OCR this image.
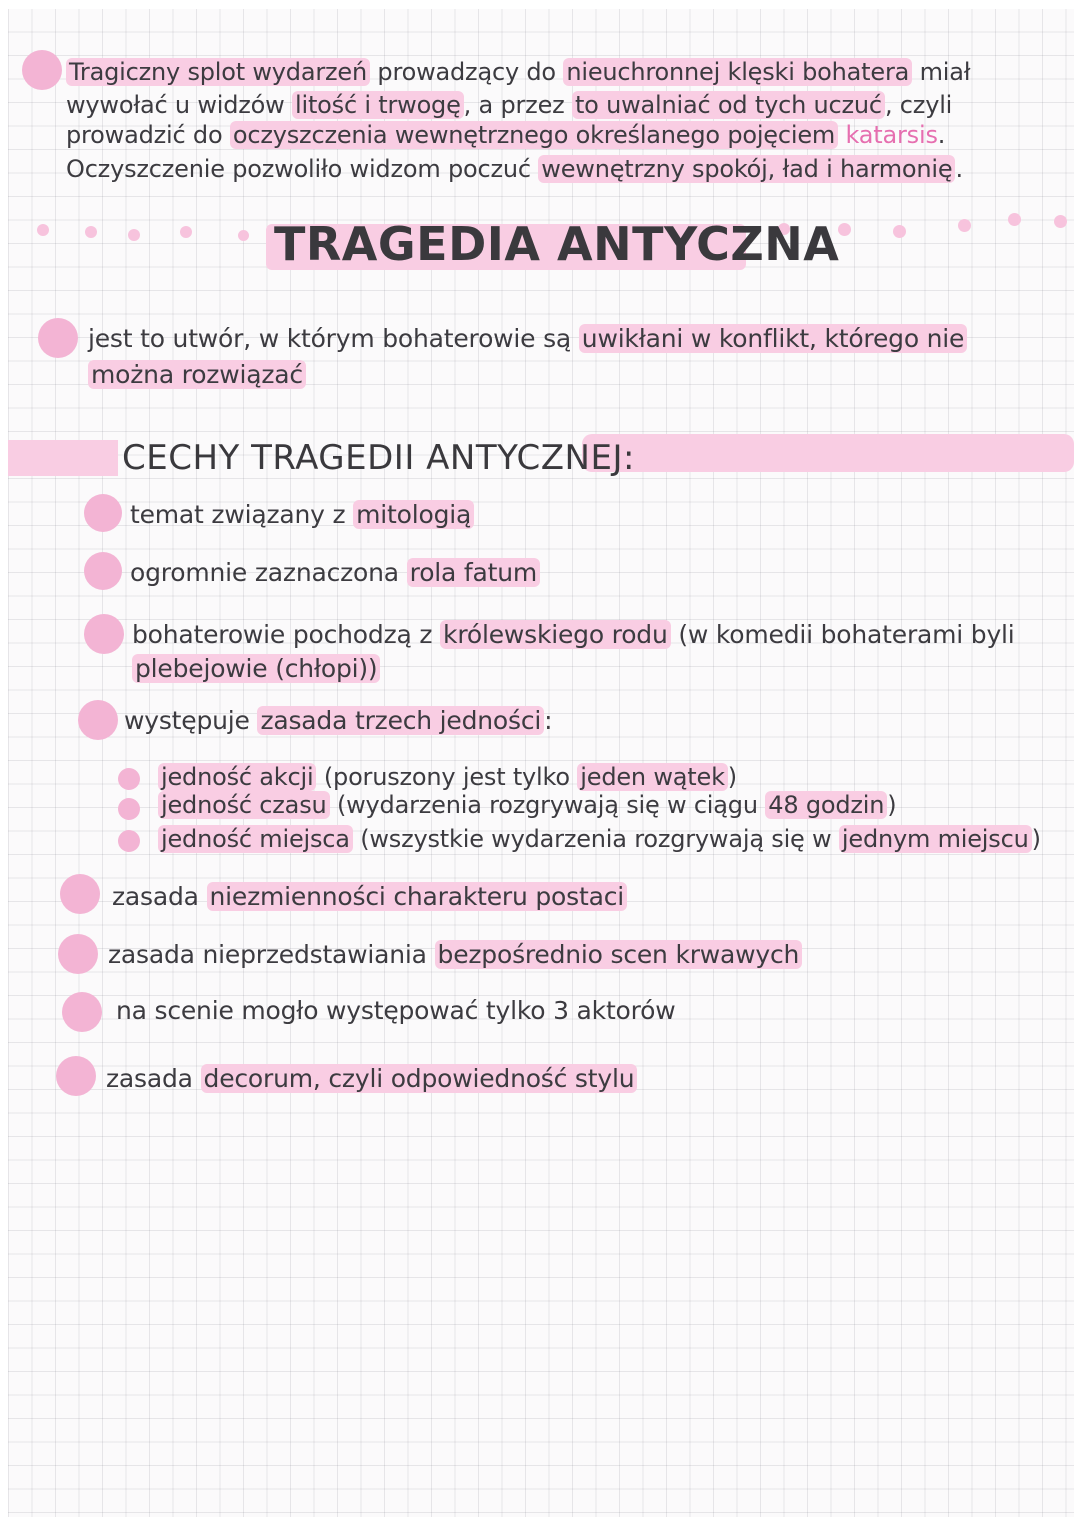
Tragiczny splot wydarzeń prowadzący do nieuchronnej klęski bohatera miał
wywołać u widzów litość i trwogę , a przez to uwalniać od tych uczuć , czyli
prowadzić do oczyszczenia wewnętrznego określanego pojęciem katarsis.
Oczyszczenie pozwoliło widzom poczuć wewnętrzny spokój, ład i harmonię .
TRAGEDIA ANTYCZNA
jest to utwór, w którym bohaterowie są uwikłani w konflikt, którego nie
można rozwiązać
CECHY TRAGEDII ANTYCZNEJ:
temat związany z mitologią
ogromnie zaznaczona rola fatum
bohaterowie pochodzą z królewskiego rodu (w komedii bohaterami byli
plebejowie (chłopi))
występuje zasada trzech jedności :
jedność akcji (poruszony jest tylko jeden wątek )
jedność czasu (wydarzenia rozgrywają się w ciągu 48 godzin )
jedność miejsca (wszystkie wydarzenia rozgrywają się w jednym miejscu )
zasada niezmienności charakteru postaci
zasada nieprzedstawiania bezpośrednio scen krwawych
na scenie mogło występować tylko 3 aktorów
zasada decorum, czyli odpowiedność stylu
